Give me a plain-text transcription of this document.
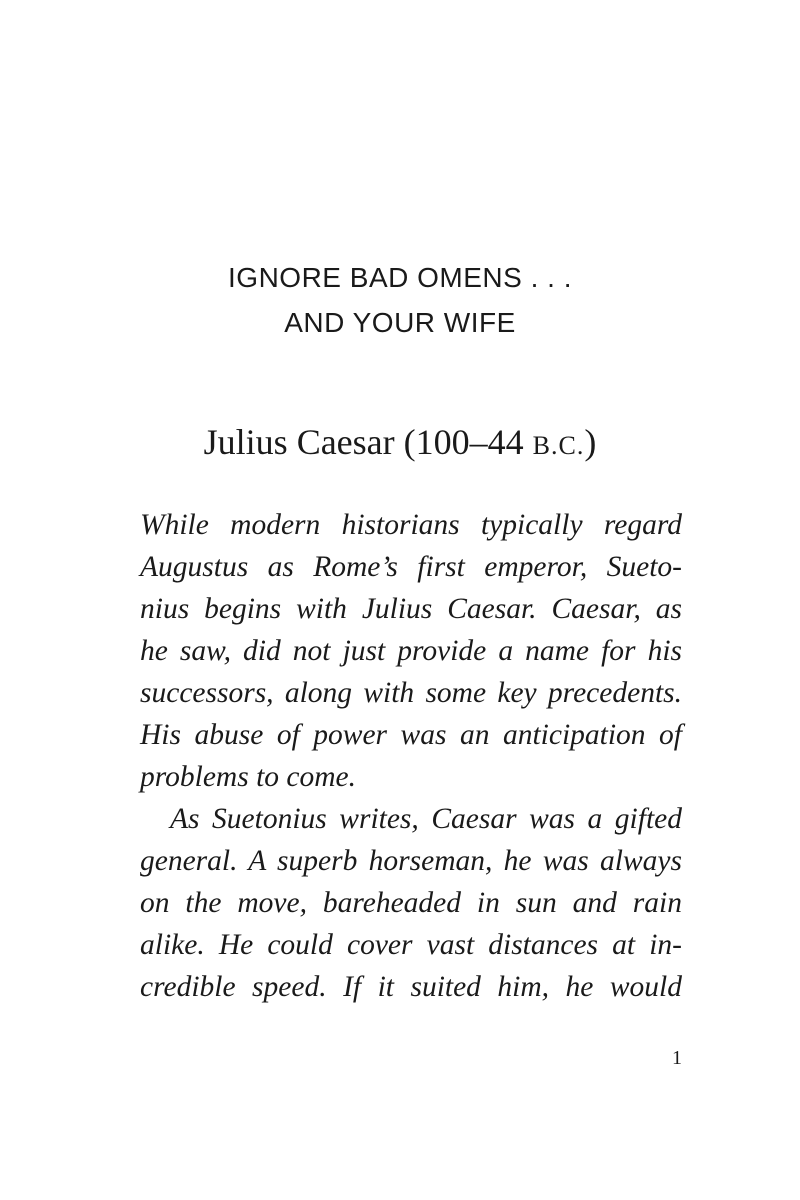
IGNORE BAD OMENS . . .
AND YOUR WIFE
Julius Caesar (100–44 B.C.)
While modern historians typically regard
Augustus as Rome’s first emperor, Sueto-
nius begins with Julius Caesar. Caesar, as
he saw, did not just provide a name for his
successors, along with some key precedents.
His abuse of power was an anticipation of
problems to come.
As Suetonius writes, Caesar was a gifted
general. A superb horseman, he was always
on the move, bareheaded in sun and rain
alike. He could cover vast distances at in-
credible speed. If it suited him, he would
1
